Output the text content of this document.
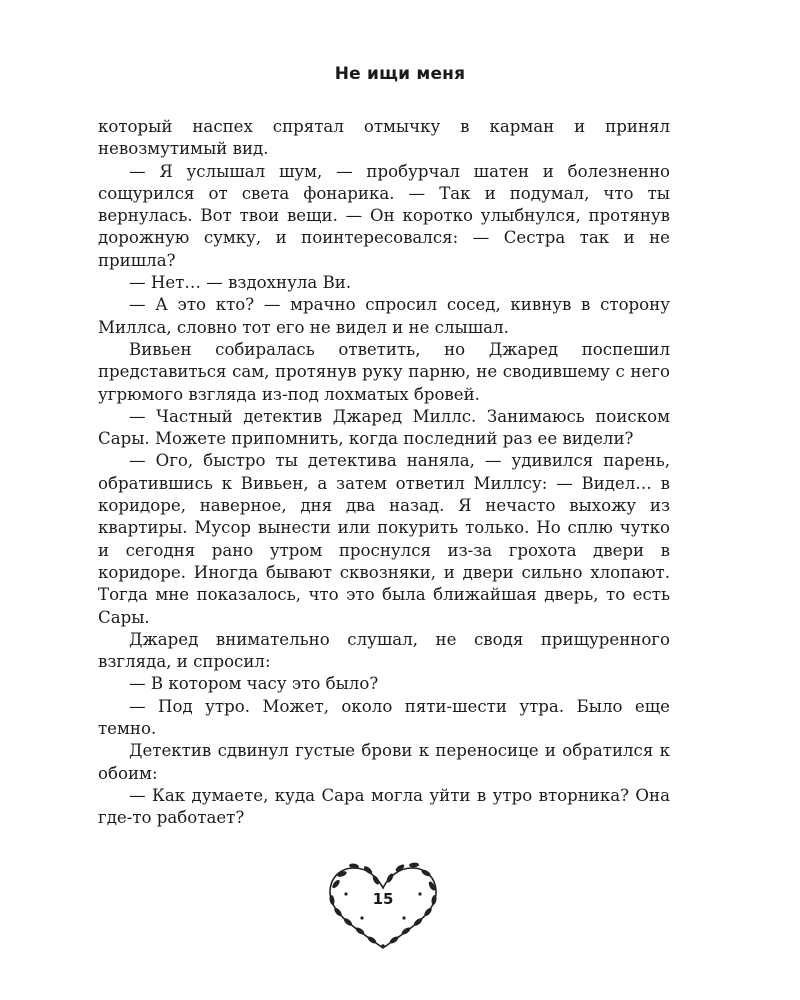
Не ищи меня

который наспех спрятал отмычку в карман и принял невозмутимый вид.

— Я услышал шум, — пробурчал шатен и болезненно сощурился от света фонарика. — Так и подумал, что ты вернулась. Вот твои вещи. — Он коротко улыбнулся, протянув дорожную сумку, и поинтересовался: — Сестра так и не пришла?

— Нет… — вздохнула Ви.

— А это кто? — мрачно спросил сосед, кивнув в сторону Миллса, словно тот его не видел и не слышал.

Вивьен собиралась ответить, но Джаред поспешил представиться сам, протянув руку парню, не сводившему с него угрюмого взгляда из-под лохматых бровей.

— Частный детектив Джаред Миллс. Занимаюсь поиском Сары. Можете припомнить, когда последний раз ее видели?

— Ого, быстро ты детектива наняла, — удивился парень, обратившись к Вивьен, а затем ответил Миллсу: — Видел… в коридоре, наверное, дня два назад. Я нечасто выхожу из квартиры. Мусор вынести или покурить только. Но сплю чутко и сегодня рано утром проснулся из-за грохота двери в коридоре. Иногда бывают сквозняки, и двери сильно хлопают. Тогда мне показалось, что это была ближайшая дверь, то есть Сары.

Джаред внимательно слушал, не сводя прищуренного взгляда, и спросил:

— В котором часу это было?

— Под утро. Может, около пяти-шести утра. Было еще темно.

Детектив сдвинул густые брови к переносице и обратился к обоим:

— Как думаете, куда Сара могла уйти в утро вторника? Она где-то работает?

15
